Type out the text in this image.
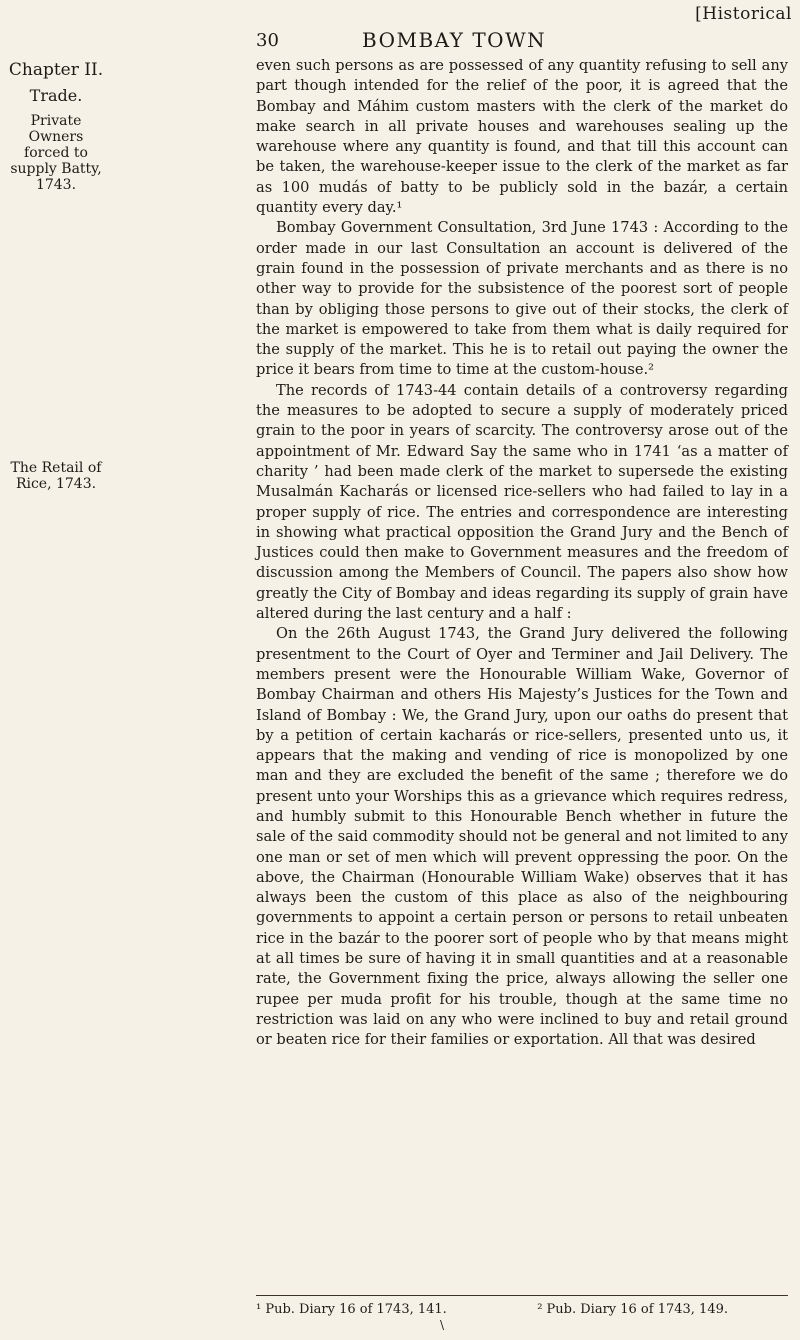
[Historical
30	BOMBAY TOWN
Chapter II.
Trade.
Private Owners forced to supply Batty, 1743.
The Retail of Rice, 1743.

even such persons as are possessed of any quantity refusing to sell any part though intended for the relief of the poor, it is agreed that the Bombay and Máhim custom masters with the clerk of the market do make search in all private houses and warehouses sealing up the warehouse where any quantity is found, and that till this account can be taken, the warehouse-keeper issue to the clerk of the market as far as 100 mudás of batty to be publicly sold in the bazár, a certain quantity every day.¹

Bombay Government Consultation, 3rd June 1743 : According to the order made in our last Consultation an account is delivered of the grain found in the possession of private merchants and as there is no other way to provide for the subsistence of the poorest sort of people than by obliging those persons to give out of their stocks, the clerk of the market is empowered to take from them what is daily required for the supply of the market. This he is to retail out paying the owner the price it bears from time to time at the custom-house.²

The records of 1743-44 contain details of a controversy regarding the measures to be adopted to secure a supply of moderately priced grain to the poor in years of scarcity. The controversy arose out of the appointment of Mr. Edward Say the same who in 1741 ‘as a matter of charity ’ had been made clerk of the market to supersede the existing Musalmán Kacharás or licensed rice-sellers who had failed to lay in a proper supply of rice. The entries and correspondence are interesting in showing what practical opposition the Grand Jury and the Bench of Justices could then make to Government measures and the freedom of discussion among the Members of Council. The papers also show how greatly the City of Bombay and ideas regarding its supply of grain have altered during the last century and a half :

On the 26th August 1743, the Grand Jury delivered the following presentment to the Court of Oyer and Terminer and Jail Delivery. The members present were the Honourable William Wake, Governor of Bombay Chairman and others His Majesty’s Justices for the Town and Island of Bombay : We, the Grand Jury, upon our oaths do present that by a petition of certain kacharás or rice-sellers, presented unto us, it appears that the making and vending of rice is monopolized by one man and they are excluded the benefit of the same ; therefore we do present unto your Worships this as a grievance which requires redress, and humbly submit to this Honourable Bench whether in future the sale of the said commodity should not be general and not limited to any one man or set of men which will prevent oppressing the poor. On the above, the Chairman (Honourable William Wake) observes that it has always been the custom of this place as also of the neighbouring governments to appoint a certain person or persons to retail unbeaten rice in the bazár to the poorer sort of people who by that means might at all times be sure of having it in small quantities and at a reasonable rate, the Government fixing the price, always allowing the seller one rupee per muda profit for his trouble, though at the same time no restriction was laid on any who were inclined to buy and retail ground or beaten rice for their families or exportation. All that was desired

¹ Pub. Diary 16 of 1743, 141.	² Pub. Diary 16 of 1743, 149.
\
